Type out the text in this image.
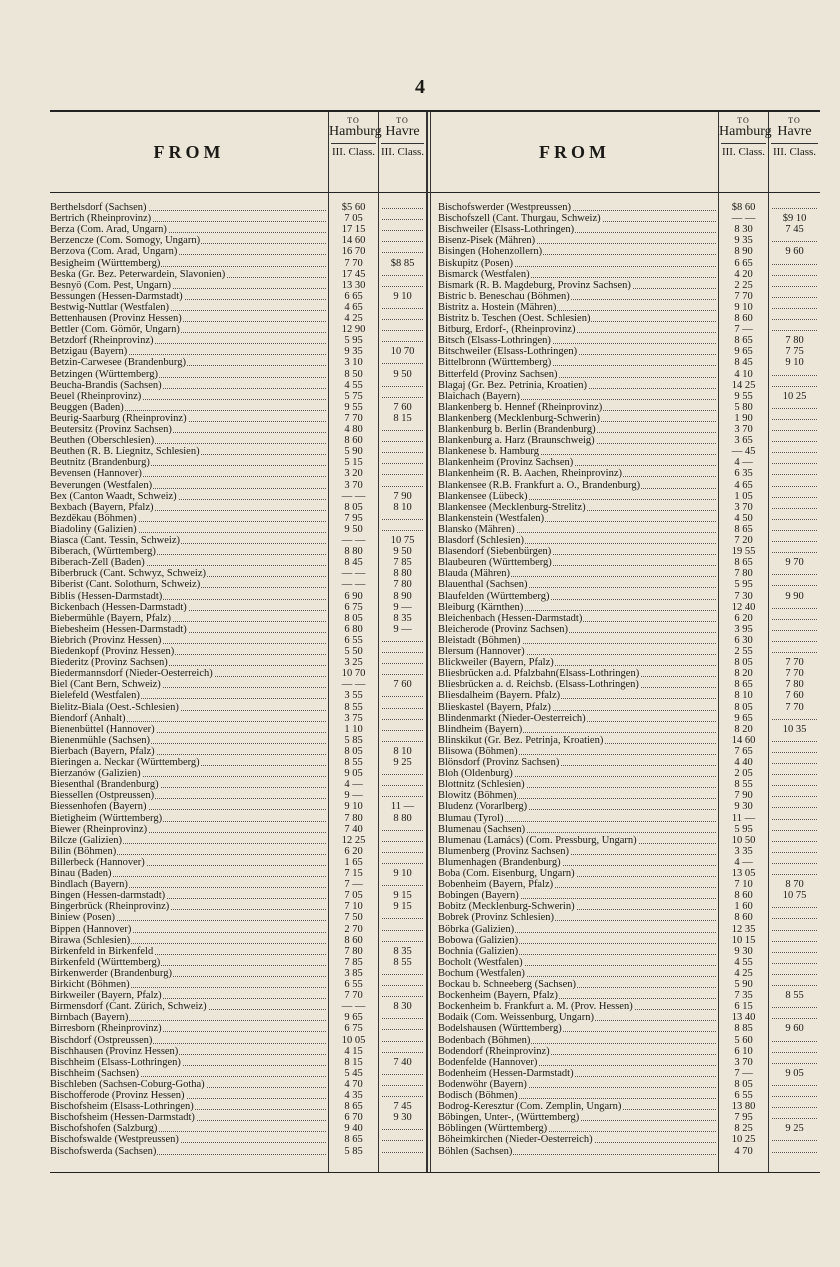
4
FROM
TO
Hamburg
III. Class.
TO
Havre
III. Class.	FROM
TO
Hamburg
III. Class.
TO
Havre
III. Class.
Berthelsdorf (Sachsen)	$5 60
Bertrich (Rheinprovinz)	7 05
Berza (Com. Arad, Ungarn)	17 15
Berzencze (Com. Somogy, Ungarn)	14 60
Berzova (Com. Arad, Ungarn)	16 70
Besigheim (Württemberg)	7 70	$8 85
Beska (Gr. Bez. Peterwardein, Slavonien)	17 45
Besnyö (Com. Pest, Ungarn)	13 30
Bessungen (Hessen-Darmstadt)	6 65	9 10
Bestwig-Nuttlar (Westfalen)	4 65
Bettenhausen (Provinz Hessen)	4 25
Bettler (Com. Gömör, Ungarn)	12 90
Betzdorf (Rheinprovinz)	5 95
Betzigau (Bayern)	9 35	10 70
Betzin-Carwesee (Brandenburg)	3 10
Betzingen (Württemberg)	8 50	9 50
Beucha-Brandis (Sachsen)	4 55
Beuel (Rheinprovinz)	5 75
Beuggen (Baden)	9 55	7 60
Beurig-Saarburg (Rheinprovinz)	7 70	8 15
Beutersitz (Provinz Sachsen)	4 80
Beuthen (Oberschlesien)	8 60
Beuthen (R. B. Liegnitz, Schlesien)	5 90
Beutnitz (Brandenburg)	5 15
Bevensen (Hannover)	3 20
Beverungen (Westfalen)	3 70
Bex (Canton Waadt, Schweiz)	— —	7 90
Bexbach (Bayern, Pfalz)	8 05	8 10
Bezdëkau (Böhmen)	7 95
Biadoliny (Galizien)	9 50
Biasca (Cant. Tessin, Schweiz)	— —	10 75
Biberach, (Württemberg)	8 80	9 50
Biberach-Zell (Baden)	8 45	7 85
Biberbruck (Cant. Schwyz, Schweiz)	— —	8 80
Biberist (Cant. Solothurn, Schweiz)	— —	7 80
Biblis (Hessen-Darmstadt)	6 90	8 90
Bickenbach (Hessen-Darmstadt)	6 75	9 —
Biebermühle (Bayern, Pfalz)	8 05	8 35
Biebesheim (Hessen-Darmstadt)	6 80	9 —
Biebrich (Provinz Hessen)	6 55
Biedenkopf (Provinz Hessen)	5 50
Biederitz (Provinz Sachsen)	3 25
Biedermannsdorf (Nieder-Oesterreich)	10 70
Biel (Cant Bern, Schweiz)	— —	7 60
Bielefeld (Westfalen)	3 55
Bielitz-Biala (Oest.-Schlesien)	8 55
Biendorf (Anhalt)	3 75
Bienenbüttel (Hannover)	1 10
Bienenmühle (Sachsen)	5 85
Bierbach (Bayern, Pfalz)	8 05	8 10
Bieringen a. Neckar (Württemberg)	8 55	9 25
Bierzanów (Galizien)	9 05
Biesenthal (Brandenburg)	4 —
Biessellen (Ostpreussen)	9 —
Biessenhofen (Bayern)	9 10	11 —
Bietigheim (Württemberg)	7 80	8 80
Biewer (Rheinprovinz)	7 40
Bilcze (Galizien)	12 25
Bilin (Böhmen)	6 20
Billerbeck (Hannover)	1 65
Binau (Baden)	7 15	9 10
Bindlach (Bayern)	7 —
Bingen (Hessen-darmstadt)	7 05	9 15
Bingerbrück (Rheinprovinz)	7 10	9 15
Biniew (Posen)	7 50
Bippen (Hannover)	2 70
Birawa (Schlesien)	8 60
Birkenfeld in Birkenfeld	7 80	8 35
Birkenfeld (Württemberg)	7 85	8 55
Birkenwerder (Brandenburg)	3 85
Birkicht (Böhmen)	6 55
Birkweiler (Bayern, Pfalz)	7 70
Birmensdorf (Cant. Zürich, Schweiz)	— —	8 30
Birnbach (Bayern)	9 65
Birresborn (Rheinprovinz)	6 75
Bischdorf (Ostpreussen)	10 05
Bischhausen (Provinz Hessen)	4 15
Bischheim (Elsass-Lothringen)	8 15	7 40
Bischheim (Sachsen)	5 45
Bischleben (Sachsen-Coburg-Gotha)	4 70
Bischofferode (Provinz Hessen)	4 35
Bischofsheim (Elsass-Lothringen)	8 65	7 45
Bischofsheim (Hessen-Darmstadt)	6 70	9 30
Bischofshofen (Salzburg)	9 40
Bischofswalde (Westpreussen)	8 65
Bischofswerda (Sachsen)	5 85
Bischofswerder (Westpreussen)	$8 60
Bischofszell (Cant. Thurgau, Schweiz)	— —	$9 10
Bischweiler (Elsass-Lothringen)	8 30	7 45
Bisenz-Pisek (Mähren)	9 35
Bisingen (Hohenzollern)	8 90	9 60
Biskupitz (Posen)	6 65
Bismarck (Westfalen)	4 20
Bismark (R. B. Magdeburg, Provinz Sachsen)	2 25
Bistric b. Beneschau (Böhmen)	7 70
Bistritz a. Hostein (Mähren)	9 10
Bistritz b. Teschen (Oest. Schlesien)	8 60
Bitburg, Erdorf-, (Rheinprovinz)	7 —
Bitsch (Elsass-Lothringen)	8 65	7 80
Bitschweiler (Elsass-Lothringen)	9 65	7 75
Bittelbronn (Württemberg)	8 45	9 10
Bitterfeld (Provinz Sachsen)	4 10
Blagaj (Gr. Bez. Petrinia, Kroatien)	14 25
Blaichach (Bayern)	9 55	10 25
Blankenberg b. Hennef (Rheinprovinz)	5 80
Blankenberg (Mecklenburg-Schwerin)	1 90
Blankenburg b. Berlin (Brandenburg)	3 70
Blankenburg a. Harz (Braunschweig)	3 65
Blankenese b. Hamburg	— 45
Blankenheim (Provinz Sachsen)	4 —
Blankenheim (R. B. Aachen, Rheinprovinz)	6 35
Blankensee (R.B. Frankfurt a. O., Brandenburg)	4 65
Blankensee (Lübeck)	1 05
Blankensee (Mecklenburg-Strelitz)	3 70
Blankenstein (Westfalen)	4 50
Blansko (Mähren)	8 65
Blasdorf (Schlesien)	7 20
Blasendorf (Siebenbürgen)	19 55
Blaubeuren (Württemberg)	8 65	9 70
Blauda (Mähren)	7 80
Blauenthal (Sachsen)	5 95
Blaufelden (Württemberg)	7 30	9 90
Bleiburg (Kärnthen)	12 40
Bleichenbach (Hessen-Darmstadt)	6 20
Bleicherode (Provinz Sachsen)	3 95
Bleistadt (Böhmen)	6 30
Blersum (Hannover)	2 55
Blickweiler (Bayern, Pfalz)	8 05	7 70
Bliesbrücken a.d. Pfalzbahn(Elsass-Lothringen)	8 20	7 70
Bliesbrücken a. d. Reichsb. (Elsass-Lothringen)	8 65	7 80
Bliesdalheim (Bayern. Pfalz)	8 10	7 60
Blieskastel (Bayern, Pfalz)	8 05	7 70
Blindenmarkt (Nieder-Oesterreich)	9 65
Blindheim (Bayern)	8 20	10 35
Blinskikut (Gr. Bez. Petrinja, Kroatien)	14 60
Blisowa (Böhmen)	7 65
Blönsdorf (Provinz Sachsen)	4 40
Bloh (Oldenburg)	2 05
Blottnitz (Schlesien)	8 55
Blowitz (Böhmen)	7 90
Bludenz (Vorarlberg)	9 30
Blumau (Tyrol)	11 —
Blumenau (Sachsen)	5 95
Blumenau (Lamács) (Com. Pressburg, Ungarn)	10 50
Blumenberg (Provinz Sachsen)	3 35
Blumenhagen (Brandenburg)	4 —
Boba (Com. Eisenburg, Ungarn)	13 05
Bobenheim (Bayern, Pfalz)	7 10	8 70
Bobingen (Bayern)	8 60	10 75
Bobitz (Mecklenburg-Schwerin)	1 60
Bobrek (Provinz Schlesien)	8 60
Böbrka (Galizien)	12 35
Bobowa (Galizien)	10 15
Bochnia (Galizien)	9 30
Bocholt (Westfalen)	4 55
Bochum (Westfalen)	4 25
Bockau b. Schneeberg (Sachsen)	5 90
Bockenheim (Bayern, Pfalz)	7 35	8 55
Bockenheim b. Frankfurt a. M. (Prov. Hessen)	6 15
Bodaik (Com. Weissenburg, Ungarn)	13 40
Bodelshausen (Württemberg)	8 85	9 60
Bodenbach (Böhmen)	5 60
Bodendorf (Rheinprovinz)	6 10
Bodenfelde (Hannover)	3 70
Bodenheim (Hessen-Darmstadt)	7 —	9 05
Bodenwöhr (Bayern)	8 05
Bodisch (Böhmen)	6 55
Bodrog-Keresztur (Com. Zemplin, Ungarn)	13 80
Böbingen, Unter-, (Württemberg)	7 95
Böblingen (Württemberg)	8 25	9 25
Böheimkirchen (Nieder-Oesterreich)	10 25
Böhlen (Sachsen)	4 70
